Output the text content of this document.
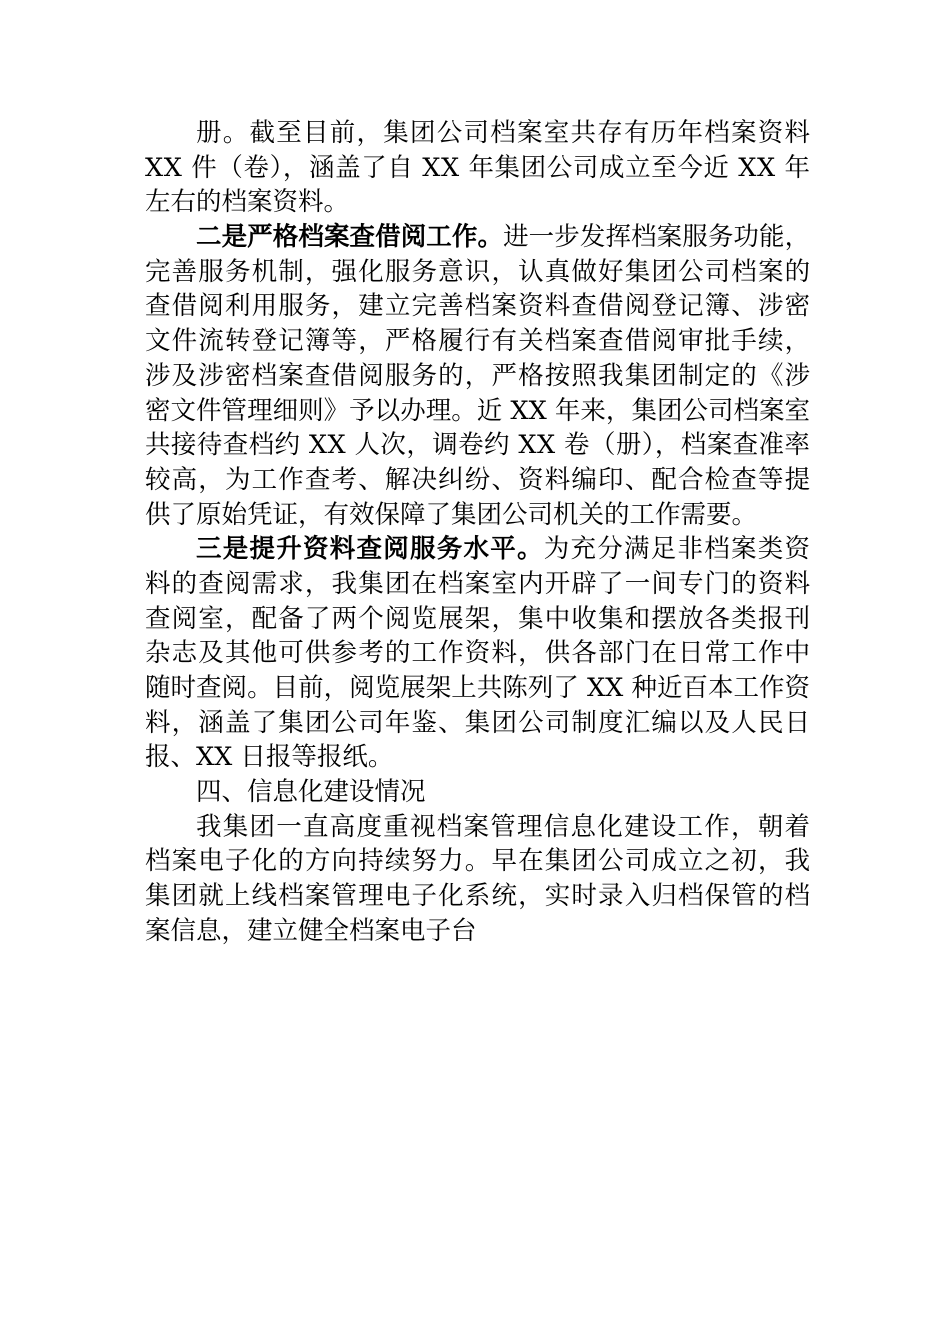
册。截至目前，集团公司档案室共存有历年档案资料
XX 件（卷），涵盖了自 XX 年集团公司成立至今近 XX 年
左右的档案资料。
二是严格档案查借阅工作。进一步发挥档案服务功能，
完善服务机制，强化服务意识，认真做好集团公司档案的
查借阅利用服务，建立完善档案资料查借阅登记簿、涉密
文件流转登记簿等，严格履行有关档案查借阅审批手续，
涉及涉密档案查借阅服务的，严格按照我集团制定的《涉
密文件管理细则》予以办理。近 XX 年来，集团公司档案室
共接待查档约 XX 人次，调卷约 XX 卷（册），档案查准率
较高，为工作查考、解决纠纷、资料编印、配合检查等提
供了原始凭证，有效保障了集团公司机关的工作需要。
三是提升资料查阅服务水平。为充分满足非档案类资
料的查阅需求，我集团在档案室内开辟了一间专门的资料
查阅室，配备了两个阅览展架，集中收集和摆放各类报刊
杂志及其他可供参考的工作资料，供各部门在日常工作中
随时查阅。目前，阅览展架上共陈列了 XX 种近百本工作资
料，涵盖了集团公司年鉴、集团公司制度汇编以及人民日
报、XX 日报等报纸。
四、信息化建设情况
我集团一直高度重视档案管理信息化建设工作，朝着
档案电子化的方向持续努力。早在集团公司成立之初，我
集团就上线档案管理电子化系统，实时录入归档保管的档
案信息，建立健全档案电子台
